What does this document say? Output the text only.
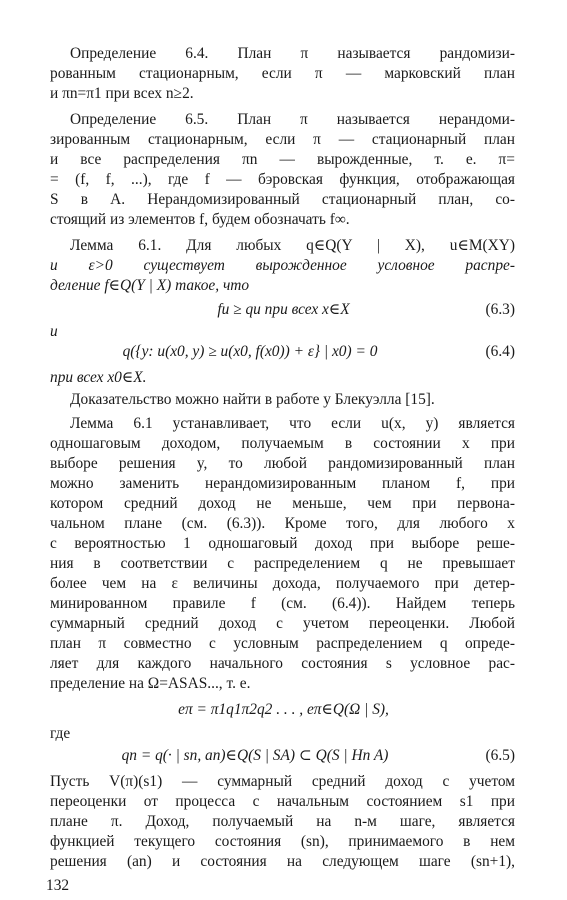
Определение 6.4. План π называется рандомизи-
рованным стационарным, если π — марковский план
и πn=π1 при всех n≥2.
Определение 6.5. План π называется нерандоми-
зированным стационарным, если π — стационарный план
и все распределения πn — вырожденные, т. е. π=
= (f, f, ...), где f — бэровская функция, отображающая
S в A. Нерандомизированный стационарный план, со-
стоящий из элементов f, будем обозначать f∞.
Лемма 6.1. Для любых q∈Q(Y | X), u∈M(XY)
и ε>0 существует вырожденное условное распре-
деление f∈Q(Y | X) такое, что
fu ≥ qu при всех x∈X	(6.3)
и
q({y: u(x0, y) ≥ u(x0, f(x0)) + ε} | x0) = 0	(6.4)
при всех x0∈X.
Доказательство можно найти в работе у Блекуэлла [15].
Лемма 6.1 устанавливает, что если u(x, y) является
одношаговым доходом, получаемым в состоянии x при
выборе решения y, то любой рандомизированный план
можно заменить нерандомизированным планом f, при
котором средний доход не меньше, чем при первона-
чальном плане (см. (6.3)). Кроме того, для любого x
с вероятностью 1 одношаговый доход при выборе реше-
ния в соответствии с распределением q не превышает
более чем на ε величины дохода, получаемого при детер-
минированном правиле f (см. (6.4)). Найдем теперь
суммарный средний доход с учетом переоценки. Любой
план π совместно с условным распределением q опреде-
ляет для каждого начального состояния s условное рас-
пределение на Ω=ASAS..., т. е.
eπ = π1q1π2q2 . . . , eπ∈Q(Ω | S),
где
qn = q(· | sn, an)∈Q(S | SA) ⊂ Q(S | Hn A)	(6.5)
Пусть V(π)(s1) — суммарный средний доход с учетом
переоценки от процесса с начальным состоянием s1 при
плане π. Доход, получаемый на n-м шаге, является
функцией текущего состояния (sn), принимаемого в нем
решения (an) и состояния на следующем шаге (sn+1),
132
